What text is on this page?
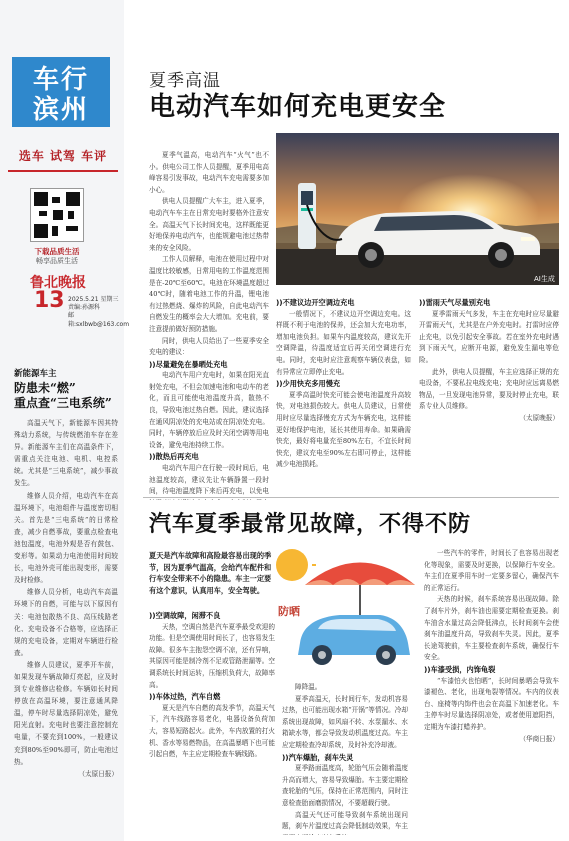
车行
滨州
选车 试驾 车评
下载品质生活
畅享品质生活
鲁北晚报
13 2025.5.21 星期三
责编:孙源科
邮箱:sxlbwb@163.com
新能源车主
防患未“燃”
重点查“三电系统”

高温天气下，新能源车因其特殊动力系统，与传统燃油车存在差异。新能源车主们在高温条件下，需重点关注电池、电机、电控系统。尤其是“三电系统”，减少事故发生。

维修人员介绍，电动汽车在高温环境下，电池组件与温度密切相关。首先是“三电系统”的日常检查，减少自燃事故，要重点检查电池包温度，电池外观是否有鼓包、变形等。如果动力电池使用时间较长，电池外壳可能出现变形，需要及时检修。

维修人员分析，电动汽车高温环境下的自燃，可能与以下原因有关：电池包散热不良、高压线路老化、充电设备不合格等，应选择正规的充电设备，定期对车辆进行检查。

维修人员建议，夏季开车前，如果发现车辆故障灯亮起，应及时到专业维修店检修。车辆如长时间停放在高温环境，要注意通风降温，停车时尽量选择阴凉处，避免阳光直射。充电时也要注意控制充电量，不要充到100%，一般建议充到80%至90%即可，防止电池过热。

（太原日报）
夏季高温
电动汽车如何充电更安全

夏季气温高，电动汽车“火气”也不小。供电公司工作人员提醒，夏季用电高峰容易引发事故，电动汽车充电需要多加小心。

供电人员提醒广大车主，进入夏季，电动汽车车主在日常充电时要格外注意安全。高温天气下长时间充电，这样既能更好地保养电动汽车，也能规避电池过热带来的安全风险。

工作人员解释，电池在使用过程中对温度比较敏感，日常用电的工作温度范围是在-20℃至60℃。电池在环境温度超过40℃时，随着电池工作的升温，锂电池有过热燃烧、爆炸的风险，自此电动汽车自燃发生的概率会大大增加。充电前，要注意提前做好预防措施。

同时，供电人员给出了一些夏季安全充电的建议：

))尽量避免在暴晒处充电

电动汽车用户充电时，如果在阳光直射处充电，不但会加速电池和电动车的老化，而且可能使电池温度升高，散热不良，导致电池过热自燃。因此，建议选择在通风阴凉处的充电站或在阴凉处充电。同时，车辆停放后应及时关闭空调等用电设备，避免电池持续工作。

))散热后再充电

电动汽车用户在行驶一段时间后，电池温度较高，建议先让车辆静置一段时间，待电池温度降下来后再充电，以免电

AI生成

))不建议边开空调边充电

一般情况下，不建议边开空调边充电。这样既不利于电池的保养，还会加大充电功率，增加电池负担。如果车内温度较高，建议先开空调降温，待温度适宜后再关闭空调进行充电。同时，充电时应注意观察车辆仪表盘，如有异常应立即停止充电。

))少用快充多用慢充

夏季高温时快充可能会使电池温度升高较快，对电池损伤较大。供电人员建议，日常使用时应尽量选择慢充方式为车辆充电，这样能更好地保护电池，延长其使用寿命。如果确需快充，最好将电量充至80%左右，不宜长时间快充，建议充电至90%左右即可停止，这样能减少电池损耗。

))雷雨天气尽量别充电

夏季雷雨天气多发，车主在充电时应尽量避开雷雨天气，尤其是在户外充电时。打雷时应停止充电，以免引起安全事故。若在室外充电时遇到下雨天气，应断开电源，避免发生漏电等危险。

此外，供电人员提醒，车主应选择正规的充电设备，不要私拉电线充电；充电时应远离易燃物品，一旦发现电池异常，要及时停止充电，联系专业人员维修。

（太原晚报）
汽车夏季最常见故障，不得不防
夏天是汽车故障和高险最容易出现的季节，因为夏季气温高，会给汽车配件和行车安全带来不小的隐患。车主一定要有这个意识，认真用车，安全驾驶。

))空调故障，闲滞不良

天热，空调自然是汽车夏季最受欢迎的功能。但是空调使用时间长了，也容易发生故障。很多车主抱怨空调不凉，还有异响，其原因可能是制冷剂不足或管路泄漏等。空调系统长时间运转，压缩机负荷大，故障率高。

))车体过热，汽车自燃

夏天是汽车自燃的高发季节，高温天气下，汽车线路容易老化，电器设备负荷加大，容易短路起火。此外，车内放置的打火机、香水等易燃物品，在高温暴晒下也可能引起自燃，车主应定期检查车辆线路。

防晒

障降温。

夏季高温天，长时间行车，发动机容易过热，也可能出现水箱“开锅”等情况。冷却系统出现故障，如风扇不转、水泵漏水、水箱缺水等，都会导致发动机温度过高。车主应定期检查冷却系统，及时补充冷却液。

))汽车爆胎，刹车失灵

夏季路面温度高，轮胎气压会随着温度升高而增大，容易导致爆胎。车主要定期检查轮胎的气压，保持在正常范围内，同时注意检查胎面磨损情况，不要超载行驶。

高温天气还可能导致刹车系统出现问题，刹车片温度过高会降低制动效果，车主

一些汽车的零件，时间长了也容易出现老化等现象，需要及时更换，以保障行车安全。车主们在夏季用车时一定要多留心，确保汽车的正常运行。

天热的时候，刹车系统容易出现故障。除了刹车片外，刹车油也需要定期检查更换。刹车油含水量过高会降低沸点，长时间刹车会使刹车油温度升高，导致刹车失灵。因此，夏季长途驾驶前，车主要检查刹车系统，确保行车安全。

))车漆受损，内饰龟裂

“车漆怕火也怕晒”，长时间暴晒会导致车漆褪色、老化，出现龟裂等情况。车内的仪表台、座椅等内饰件也会在高温下加速老化。车主停车时尽量选择阴凉处，或者使用遮阳挡，定期为车漆打蜡养护。

（华商日报）
